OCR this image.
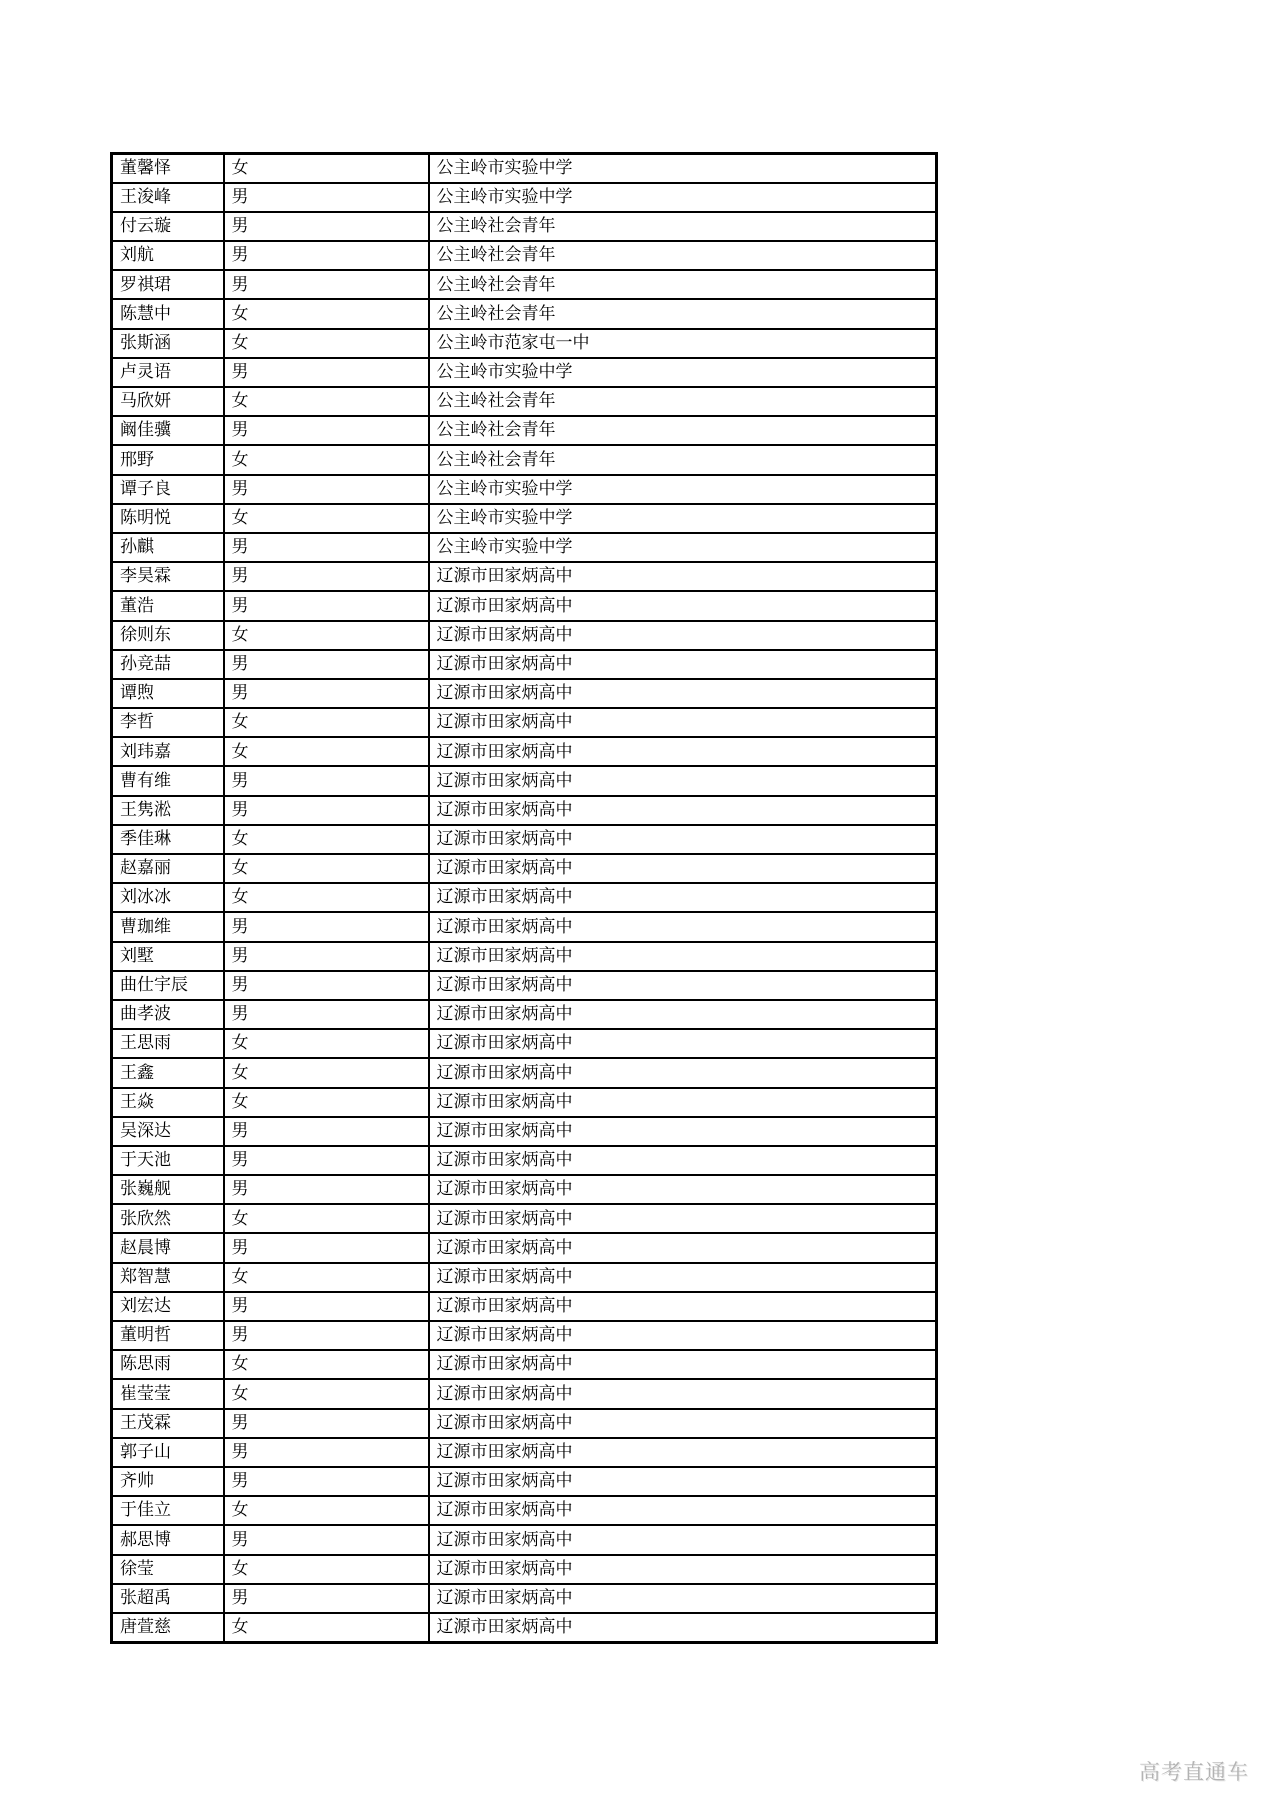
董馨怿	女	公主岭市实验中学
王浚峰	男	公主岭市实验中学
付云璇	男	公主岭社会青年
刘航	男	公主岭社会青年
罗祺珺	男	公主岭社会青年
陈慧中	女	公主岭社会青年
张斯涵	女	公主岭市范家屯一中
卢灵语	男	公主岭市实验中学
马欣妍	女	公主岭社会青年
阚佳骥	男	公主岭社会青年
邢野	女	公主岭社会青年
谭子良	男	公主岭市实验中学
陈明悦	女	公主岭市实验中学
孙麒	男	公主岭市实验中学
李昊霖	男	辽源市田家炳高中
董浩	男	辽源市田家炳高中
徐则东	女	辽源市田家炳高中
孙竞喆	男	辽源市田家炳高中
谭煦	男	辽源市田家炳高中
李哲	女	辽源市田家炳高中
刘玮嘉	女	辽源市田家炳高中
曹有维	男	辽源市田家炳高中
王隽淞	男	辽源市田家炳高中
季佳琳	女	辽源市田家炳高中
赵嘉丽	女	辽源市田家炳高中
刘冰冰	女	辽源市田家炳高中
曹珈维	男	辽源市田家炳高中
刘墅	男	辽源市田家炳高中
曲仕宇辰	男	辽源市田家炳高中
曲孝波	男	辽源市田家炳高中
王思雨	女	辽源市田家炳高中
王鑫	女	辽源市田家炳高中
王焱	女	辽源市田家炳高中
吴深达	男	辽源市田家炳高中
于天池	男	辽源市田家炳高中
张巍舰	男	辽源市田家炳高中
张欣然	女	辽源市田家炳高中
赵晨博	男	辽源市田家炳高中
郑智慧	女	辽源市田家炳高中
刘宏达	男	辽源市田家炳高中
董明哲	男	辽源市田家炳高中
陈思雨	女	辽源市田家炳高中
崔莹莹	女	辽源市田家炳高中
王茂霖	男	辽源市田家炳高中
郭子山	男	辽源市田家炳高中
齐帅	男	辽源市田家炳高中
于佳立	女	辽源市田家炳高中
郝思博	男	辽源市田家炳高中
徐莹	女	辽源市田家炳高中
张超禹	男	辽源市田家炳高中
唐萱慈	女	辽源市田家炳高中
高考直通车
